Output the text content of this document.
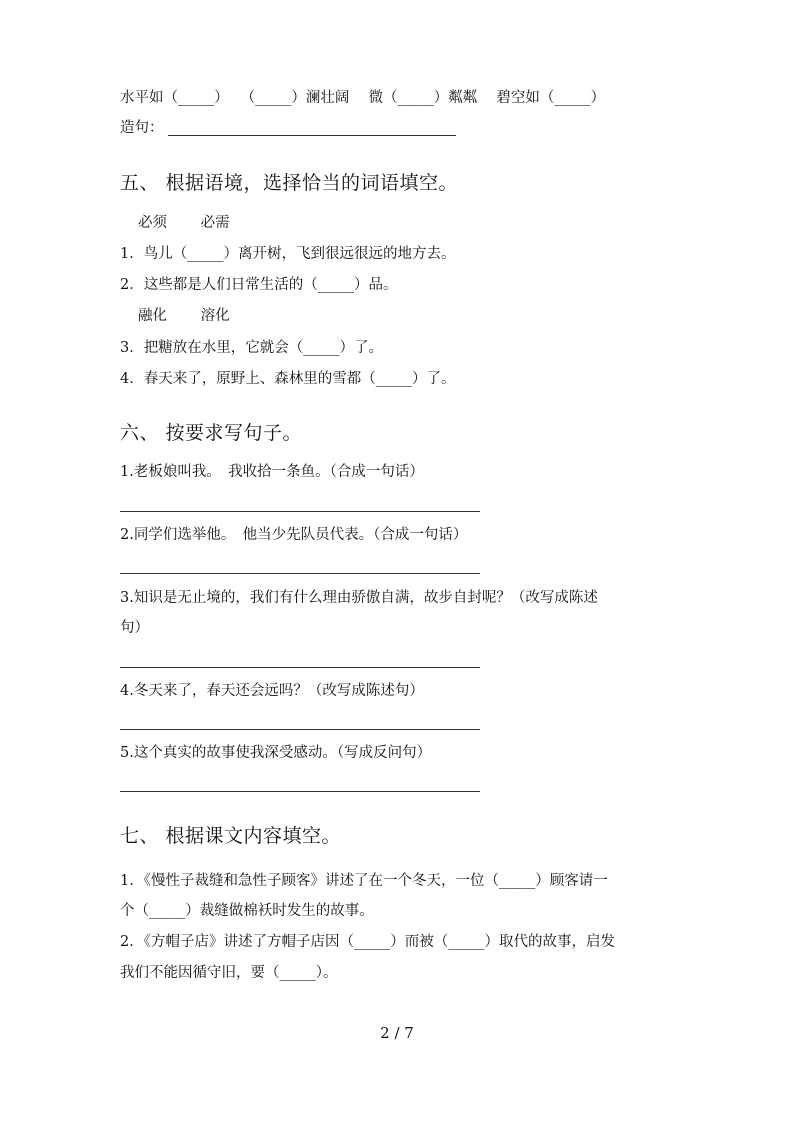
水平如（_____）　 （_____）澜壮阔　 微（_____）粼粼　 碧空如（_____）
造句：
五、 根据语境，选择恰当的词语填空。
必须　　 必需
1．鸟儿（_____）离开树，飞到很远很远的地方去。
2．这些都是人们日常生活的（_____）品。
融化　　 溶化
3．把糖放在水里，它就会（_____）了。
4．春天来了，原野上、森林里的雪都（_____）了。
六、 按要求写句子。
1.老板娘叫我。　我收拾一条鱼。（合成一句话）
2.同学们选举他。　他当少先队员代表。（合成一句话）
3.知识是无止境的，我们有什么理由骄傲自满，故步自封呢？（改写成陈述
句）
4.冬天来了，春天还会远吗？（改写成陈述句）
5.这个真实的故事使我深受感动。（写成反问句）
七、 根据课文内容填空。
1．《慢性子裁缝和急性子顾客》讲述了在一个冬天，一位（_____）顾客请一
个（_____）裁缝做棉袄时发生的故事。
2．《方帽子店》讲述了方帽子店因（_____）而被（_____）取代的故事，启发
我们不能因循守旧，要（_____）。
2 / 7
